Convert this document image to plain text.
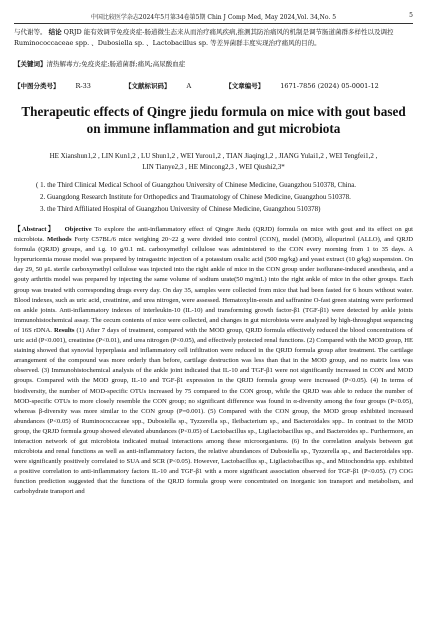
中国比较医学杂志2024年5月第34卷第5期 Chin J Comp Med, May 2024,Vol. 34,No. 5	5
与代谢等。 结论 QRJD 能有效调节免疫炎症-肠道微生态来从而治疗痛风疾病,推测其防治痛风的机制是调节肠道菌群多样性以及调控 Ruminococcaceae spp. 、Dubosiella sp. 、Lactobacillus sp. 等差异菌群丰度实现治疗痛风的目的。
【关键词】清热解毒方;免疫炎症;肠道菌群;痛风;高尿酸血症
【中图分类号】 R-33	【文献标识码】 A	【文章编号】 1671-7856 (2024) 05-0001-12
Therapeutic effects of Qingre jiedu formula on mice with gout based on immune inflammation and gut microbiota
HE Xianshun1,2 , LIN Kun1,2 , LU Shun1,2 , WEI Yurou1,2 , TIAN Jiaqing1,2 , JIANG Yulai1,2 , WEI Tengfei1,2 ,
LIN Tianye2,3 , HE Mincong2,3 , WEI Qiushi2,3*
( 1. the Third Clinical Medical School of Guangzhou University of Chinese Medicine, Guangzhou 510378, China.
2. Guangdong Research Institute for Orthopedics and Traumatology of Chinese Medicine, Guangzhou 510378.
3. the Third Affiliated Hospital of Guangzhou University of Chinese Medicine, Guangzhou 510378)
【Abstract】 Objective To explore the anti-inflammatory effect of Qingre Jiedu (QRJD) formula on mice with gout and its effect on gut microbiota. Methods Forty C57BL/6 mice weighing 20~22 g were divided into control (CON), model (MOD), allopurinol (ALLO), and QRJD formula (QRJD) groups, and i.g. 10 g/0.1 mL carboxymethyl cellulose was administered to the CON every morning from 1 to 35 days. A hyperuricemia mouse model was prepared by intragastric injection of a potassium oxalic acid (500 mg/kg) and yeast extract (10 g/kg) suspension. On day 29, 50 μL sterile carboxymethyl cellulose was injected into the right ankle of mice in the CON group under isoflurane-induced anesthesia, and a gouty arthritis model was prepared by injecting the same volume of sodium urate(50 mg/mL) into the right ankle of mice in the other groups. Each group was treated with corresponding drugs every day. On day 35, samples were collected from mice that had been fasted for 6 hours without water. Blood indexes, such as uric acid, creatinine, and urea nitrogen, were assessed. Hematoxylin-eosin and saffranine O-fast green staining were performed on ankle joints. Anti-inflammatory indexes of interleukin-10 (IL-10) and transforming growth factor-β1 (TGF-β1) were detected by ankle joints immunohistochemical assay. The cecum contents of mice were collected, and changes in gut microbiota were analyzed by high-throughput sequencing of 16S rDNA. Results (1) After 7 days of treatment, compared with the MOD group, QRJD formula effectively reduced the blood concentrations of uric acid (P<0.001), creatinine (P<0.01), and urea nitrogen (P<0.05), and effectively protected renal functions. (2) Compared with the MOD group, HE staining showed that synovial hyperplasia and inflammatory cell infiltration were reduced in the QRJD formula group after treatment. The cartilage arrangement of the compound was more orderly than before, cartilage destruction was less than that in the MOD group, and no matrix loss was observed. (3) Immunohistochemical analysis of the ankle joint indicated that IL-10 and TGF-β1 were not significantly increased in CON and MOD groups. Compared with the MOD group, IL-10 and TGF-β1 expression in the QRJD formula group were increased (P<0.05). (4) In terms of biodiversity, the number of MOD-specific OTUs increased by 75 compared to the CON group, while the QRJD was able to reduce the number of MOD-specific OTUs to more closely resemble the CON group; no significant difference was found in α-diversity among the four groups (P<0.05), whereas β-diversity was more similar to the CON group (P=0.001). (5) Compared with the CON group, the MOD group exhibited increased abundances (P<0.05) of Ruminococcaceae spp., Dubosiella sp., Tyzzerella sp., Ileibacterium sp., and Bacteroidales spp.. In contrast to the MOD group, the QRJD formula group showed elevated abundances (P<0.05) of Lactobacillus sp., Ligilactobacillus sp., and Bacteroides sp.. Furthermore, an interaction network of gut microbiota indicated mutual interactions among these microorganisms. (6) In the correlation analysis between gut microbiota and renal functions as well as anti-inflammatory factors, the relative abundances of Dubosiella sp., Tyzzerella sp., and Bacteroidales spp. were significantly positively correlated to SUA and SCR (P<0.05). However, Lactobacillus sp., Ligilactobacillus sp., and Mitochondria spp. exhibited a positive correlation to anti-inflammatory factors IL-10 and TGF-β1 with a more significant association observed for TGF-β1 (P<0.05). (7) COG function prediction suggested that the functions of the QRJD formula group were concentrated on inorganic ion transport and metabolism, and carbohydrate transport and
